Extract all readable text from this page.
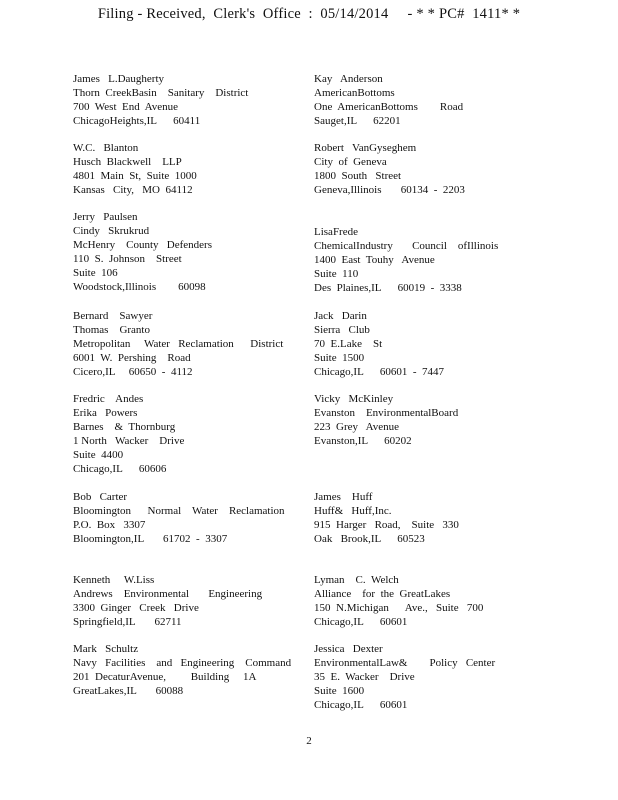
Filing - Received,  Clerk's  Office  :  05/14/2014     - * * PC#  1411* *
James   L.Daugherty
Thorn  CreekBasin    Sanitary    District
700  West  End  Avenue
ChicagoHeights,IL      60411
W.C.   Blanton
Husch  Blackwell    LLP
4801  Main  St,  Suite  1000
Kansas   City,   MO  64112
Jerry   Paulsen
Cindy   Skrukrud
McHenry    County   Defenders
110  S.  Johnson    Street
Suite  106
Woodstock,Illinois        60098
Bernard    Sawyer
Thomas    Granto
Metropolitan     Water   Reclamation      District
6001  W.  Pershing    Road
Cicero,IL     60650  -  4112
Fredric    Andes
Erika   Powers
Barnes    &  Thornburg
1 North   Wacker    Drive
Suite  4400
Chicago,IL      60606
Bob   Carter
Bloomington      Normal    Water    Reclamation
P.O.  Box   3307
Bloomington,IL       61702  -  3307
Kenneth     W.Liss
Andrews    Environmental       Engineering
3300  Ginger   Creek   Drive
Springfield,IL       62711
Mark   Schultz
Navy   Facilities    and   Engineering    Command
201  DecaturAvenue,         Building     1A
GreatLakes,IL       60088
Kay   Anderson
AmericanBottoms
One  AmericanBottoms        Road
Sauget,IL      62201
Robert   VanGyseghem
City  of  Geneva
1800  South   Street
Geneva,Illinois       60134  -  2203
LisaFrede
ChemicalIndustry       Council    ofIllinois
1400  East  Touhy   Avenue
Suite  110
Des  Plaines,IL      60019  -  3338
Jack   Darin
Sierra   Club
70  E.Lake    St
Suite  1500
Chicago,IL      60601  -  7447
Vicky   McKinley
Evanston    EnvironmentalBoard
223  Grey   Avenue
Evanston,IL      60202
James    Huff
Huff&   Huff,Inc.
915  Harger   Road,    Suite   330
Oak   Brook,IL      60523
Lyman    C.  Welch
Alliance    for  the  GreatLakes
150  N.Michigan      Ave.,   Suite   700
Chicago,IL      60601
Jessica   Dexter
EnvironmentalLaw&        Policy   Center
35  E.  Wacker    Drive
Suite  1600
Chicago,IL      60601
2
